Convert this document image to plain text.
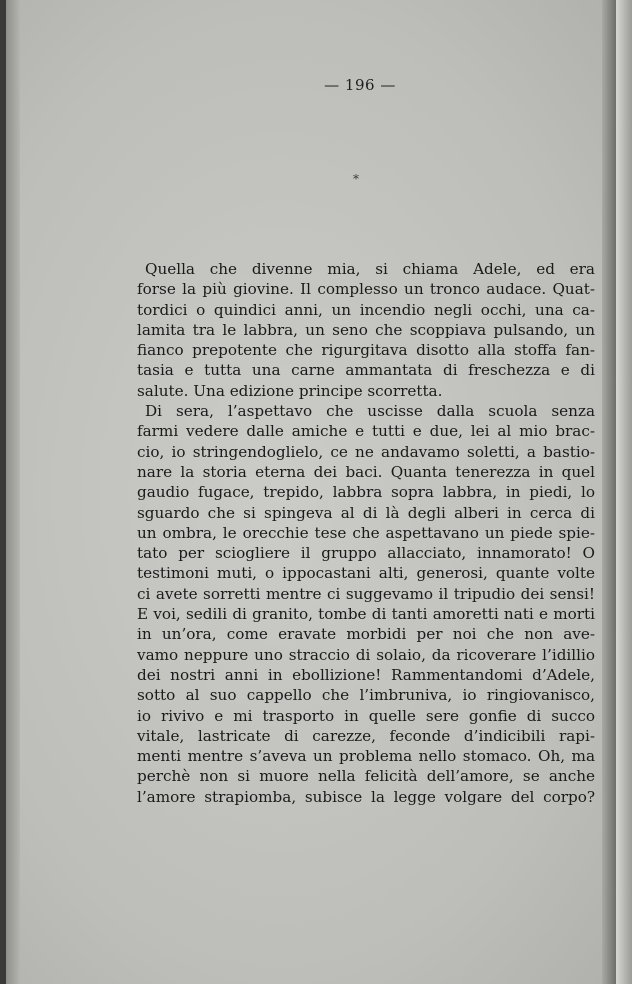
— 196 —
*
Quella che divenne mia, si chiama Adele, ed era
forse la più giovine. Il complesso un tronco audace. Quat-
tordici o quindici anni, un incendio negli occhi, una ca-
lamita tra le labbra, un seno che scoppiava pulsando, un
fianco prepotente che rigurgitava disotto alla stoffa fan-
tasia e tutta una carne ammantata di freschezza e di
salute. Una edizione principe scorretta.
Di sera, l’aspettavo che uscisse dalla scuola senza
farmi vedere dalle amiche e tutti e due, lei al mio brac-
cio, io stringendoglielo, ce ne andavamo soletti, a bastio-
nare la storia eterna dei baci. Quanta tenerezza in quel
gaudio fugace, trepido, labbra sopra labbra, in piedi, lo
sguardo che si spingeva al di là degli alberi in cerca di
un ombra, le orecchie tese che aspettavano un piede spie-
tato per sciogliere il gruppo allacciato, innamorato! O
testimoni muti, o ippocastani alti, generosi, quante volte
ci avete sorretti mentre ci suggevamo il tripudio dei sensi!
E voi, sedili di granito, tombe di tanti amoretti nati e morti
in un’ora, come eravate morbidi per noi che non ave-
vamo neppure uno straccio di solaio, da ricoverare l’idillio
dei nostri anni in ebollizione! Rammentandomi d’Adele,
sotto al suo cappello che l’imbruniva, io ringiovanisco,
io rivivo e mi trasporto in quelle sere gonfie di succo
vitale, lastricate di carezze, feconde d’indicibili rapi-
menti mentre s’aveva un problema nello stomaco. Oh, ma
perchè non si muore nella felicità dell’amore, se anche
l’amore strapiomba, subisce la legge volgare del corpo?
